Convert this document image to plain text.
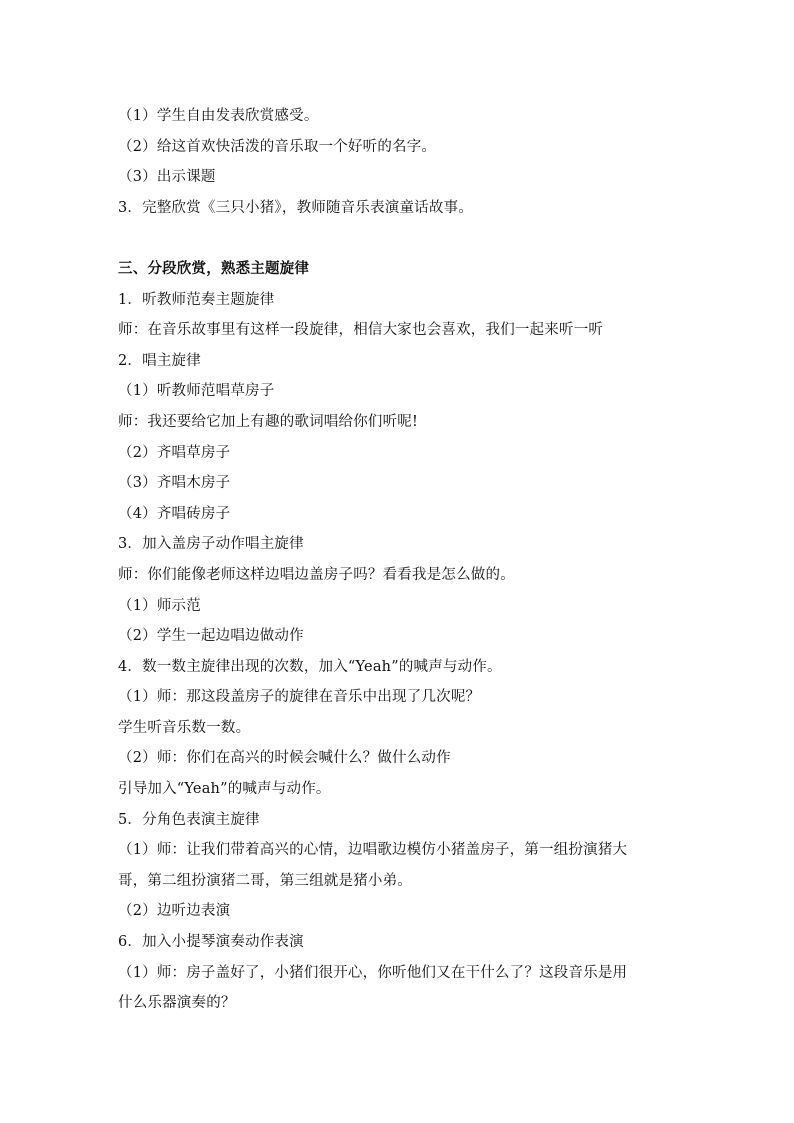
（1）学生自由发表欣赏感受。
（2）给这首欢快活泼的音乐取一个好听的名字。
（3）出示课题
3．完整欣赏《三只小猪》，教师随音乐表演童话故事。
三、分段欣赏，熟悉主题旋律
1．听教师范奏主题旋律
师：在音乐故事里有这样一段旋律，相信大家也会喜欢，我们一起来听一听
2．唱主旋律
（1）听教师范唱草房子
师：我还要给它加上有趣的歌词唱给你们听呢!
（2）齐唱草房子
（3）齐唱木房子
（4）齐唱砖房子
3．加入盖房子动作唱主旋律
师：你们能像老师这样边唱边盖房子吗？看看我是怎么做的。
（1）师示范
（2）学生一起边唱边做动作
4．数一数主旋律出现的次数，加入“Yeah”的喊声与动作。
（1）师：那这段盖房子的旋律在音乐中出现了几次呢？
学生听音乐数一数。
（2）师：你们在高兴的时候会喊什么？做什么动作
引导加入“Yeah”的喊声与动作。
5．分角色表演主旋律
（1）师：让我们带着高兴的心情，边唱歌边模仿小猪盖房子，第一组扮演猪大
哥，第二组扮演猪二哥，第三组就是猪小弟。
（2）边听边表演
6．加入小提琴演奏动作表演
（1）师：房子盖好了，小猪们很开心，你听他们又在干什么了？这段音乐是用
什么乐器演奏的？
